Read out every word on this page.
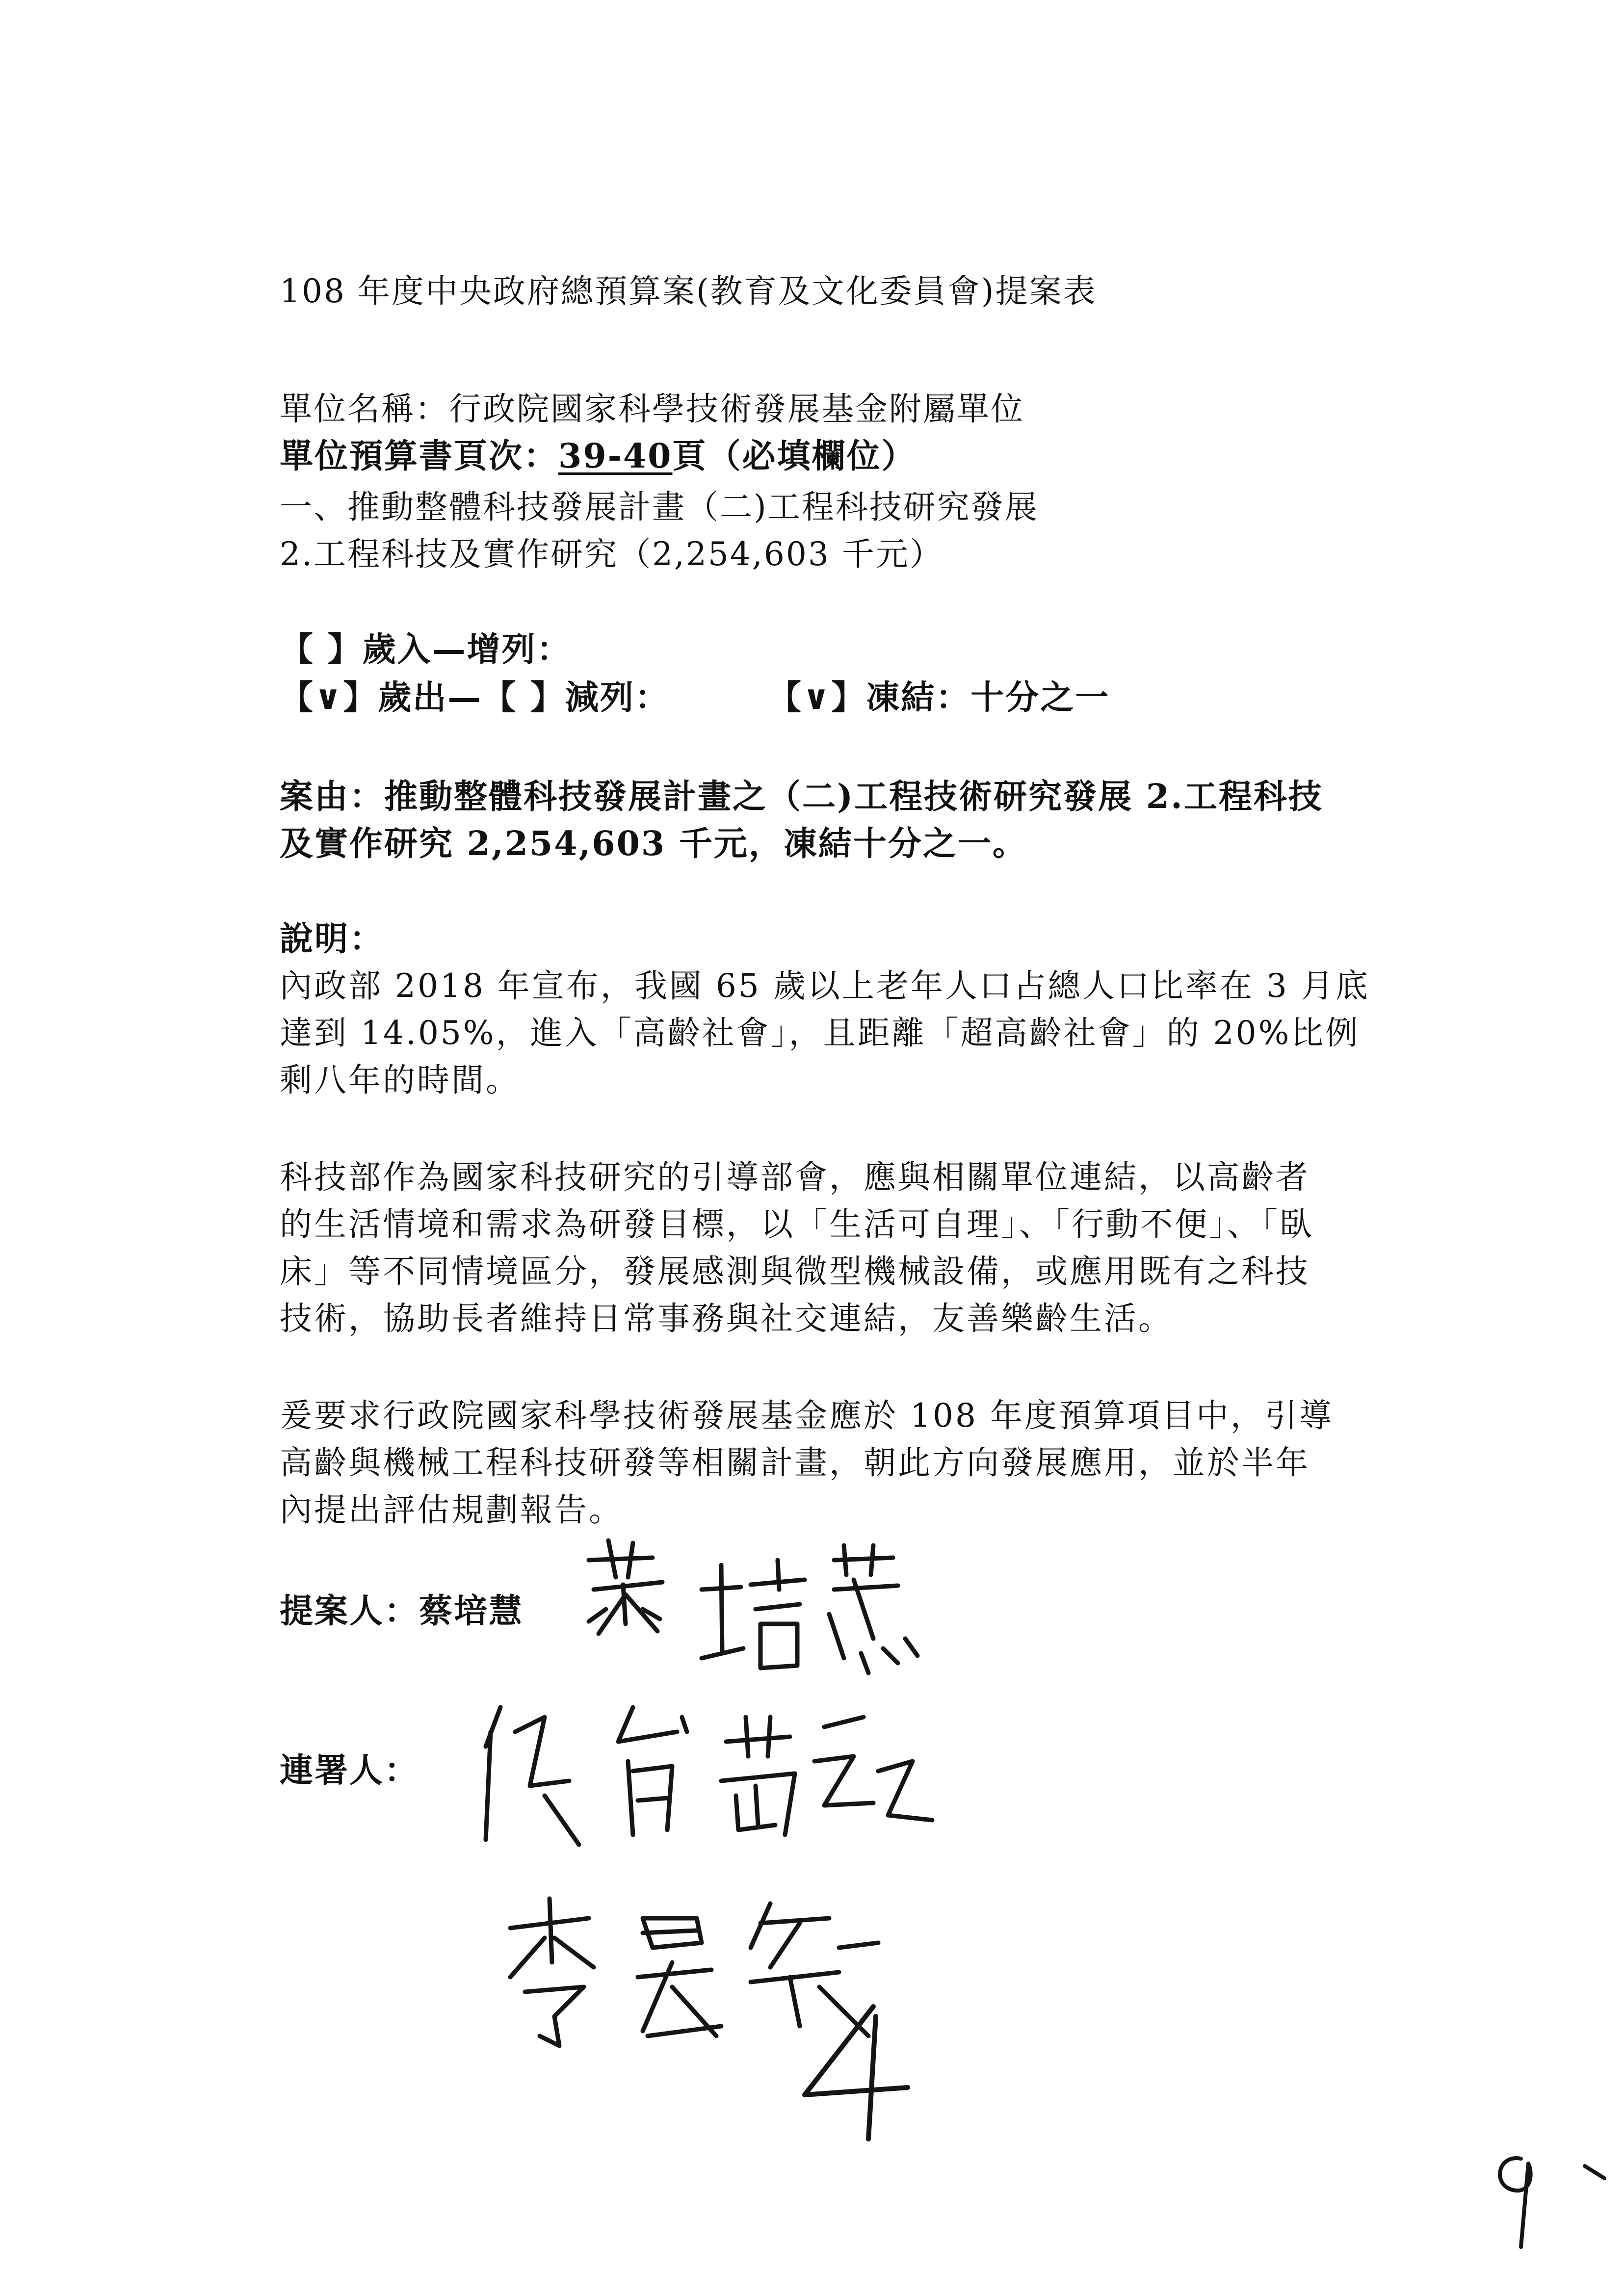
108 年度中央政府總預算案(教育及文化委員會)提案表
單位名稱：行政院國家科學技術發展基金附屬單位
單位預算書頁次：39-40頁（必填欄位）
一、推動整體科技發展計畫（二)工程科技研究發展
2.工程科技及實作研究（2,254,603 千元）
【 】歲入—增列：
【∨】歲出—【 】減列：	【∨】凍結：十分之一
案由：推動整體科技發展計畫之（二)工程技術研究發展 2.工程科技
及實作研究 2,254,603 千元，凍結十分之一。
說明：
內政部 2018 年宣布，我國 65 歲以上老年人口占總人口比率在 3 月底
達到 14.05%，進入「高齡社會」，且距離「超高齡社會」的 20%比例
剩八年的時間。
科技部作為國家科技研究的引導部會，應與相關單位連結，以高齡者
的生活情境和需求為研發目標，以「生活可自理」、「行動不便」、「臥
床」等不同情境區分，發展感測與微型機械設備，或應用既有之科技
技術，協助長者維持日常事務與社交連結，友善樂齡生活。
爰要求行政院國家科學技術發展基金應於 108 年度預算項目中，引導
高齡與機械工程科技研發等相關計畫，朝此方向發展應用，並於半年
內提出評估規劃報告。
提案人：蔡培慧
連署人：
